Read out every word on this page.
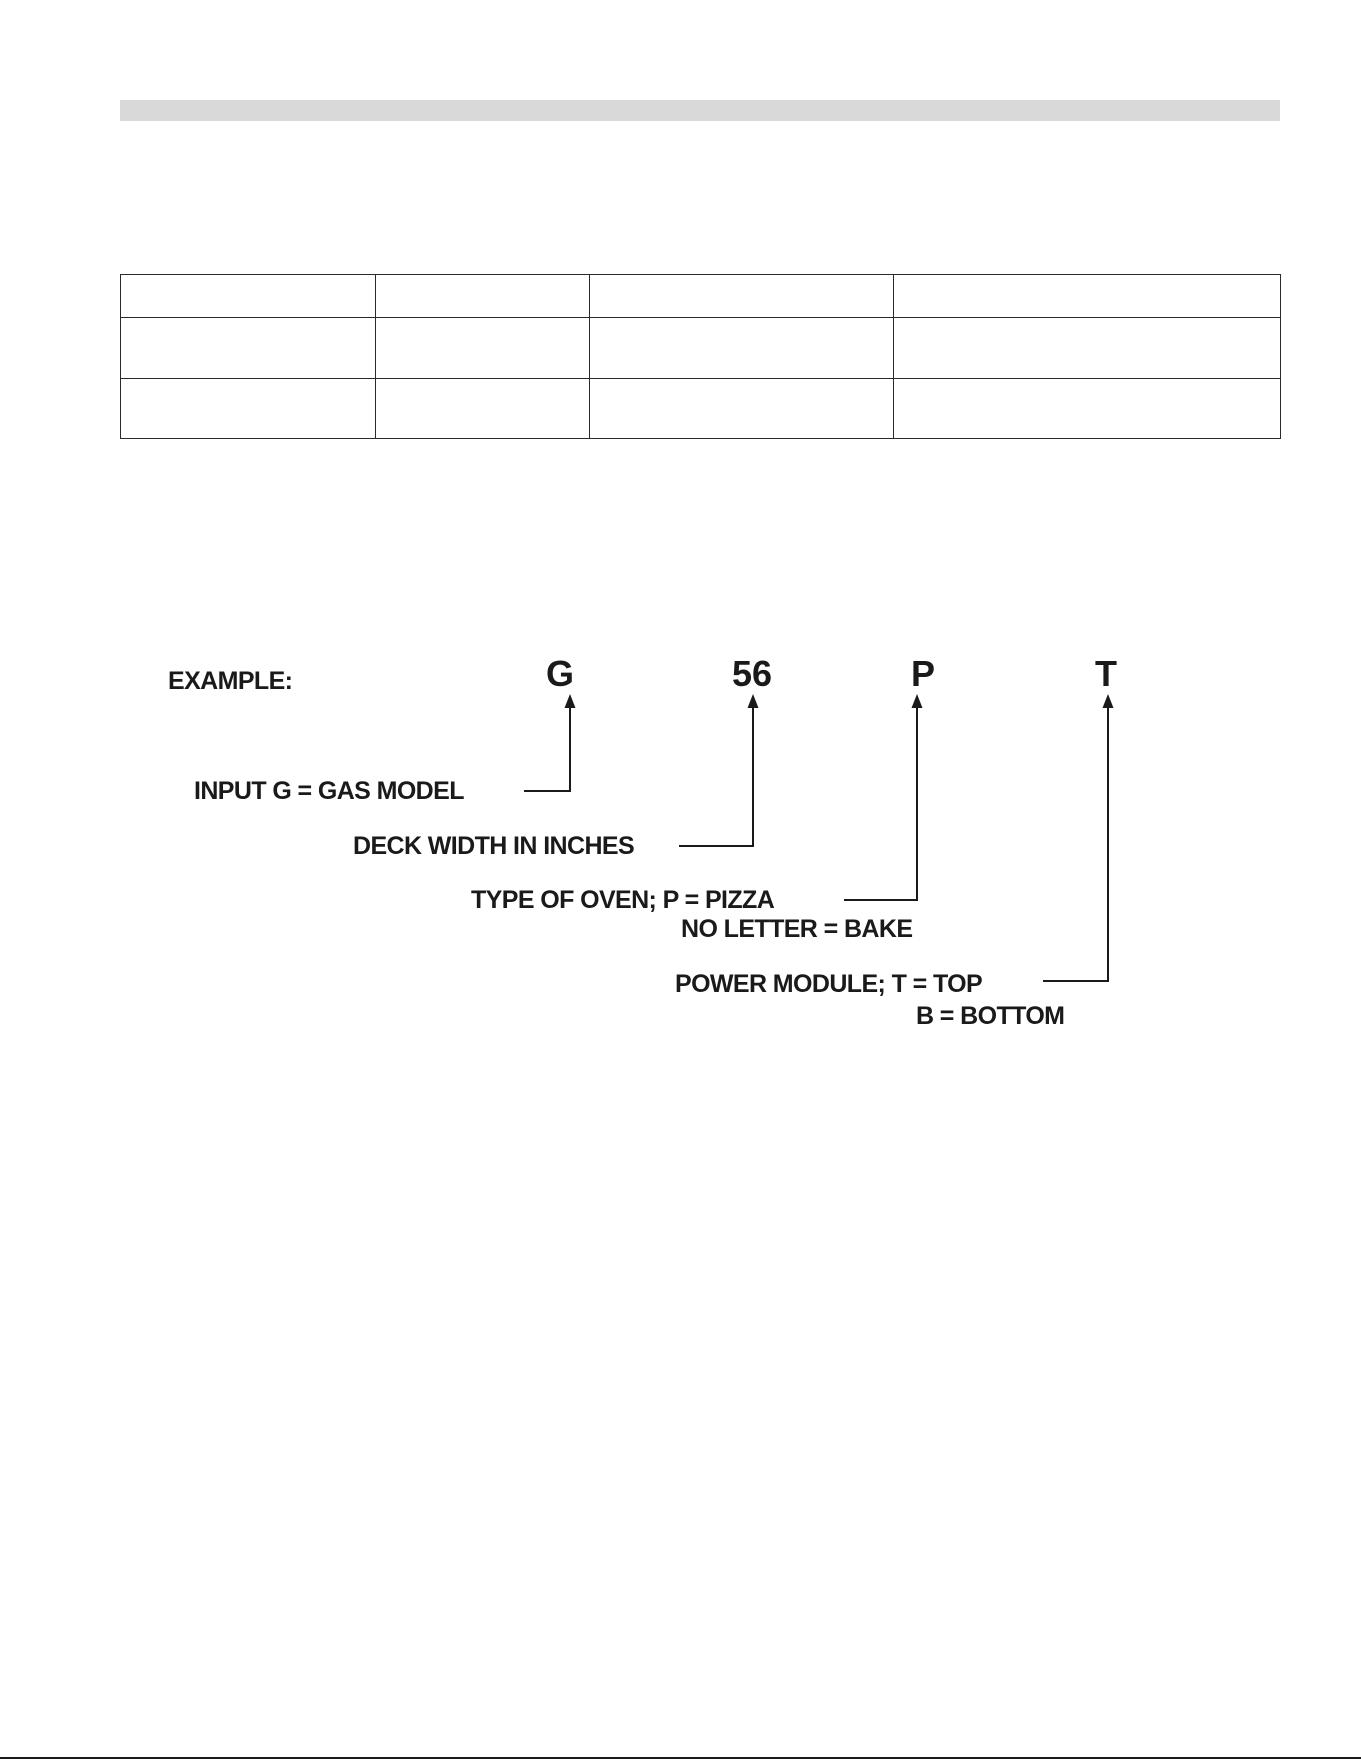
EXAMPLE:	G	56	P	T
INPUT G = GAS MODEL
DECK WIDTH IN INCHES
TYPE OF OVEN; P = PIZZA
NO LETTER = BAKE
POWER MODULE; T = TOP
B = BOTTOM
